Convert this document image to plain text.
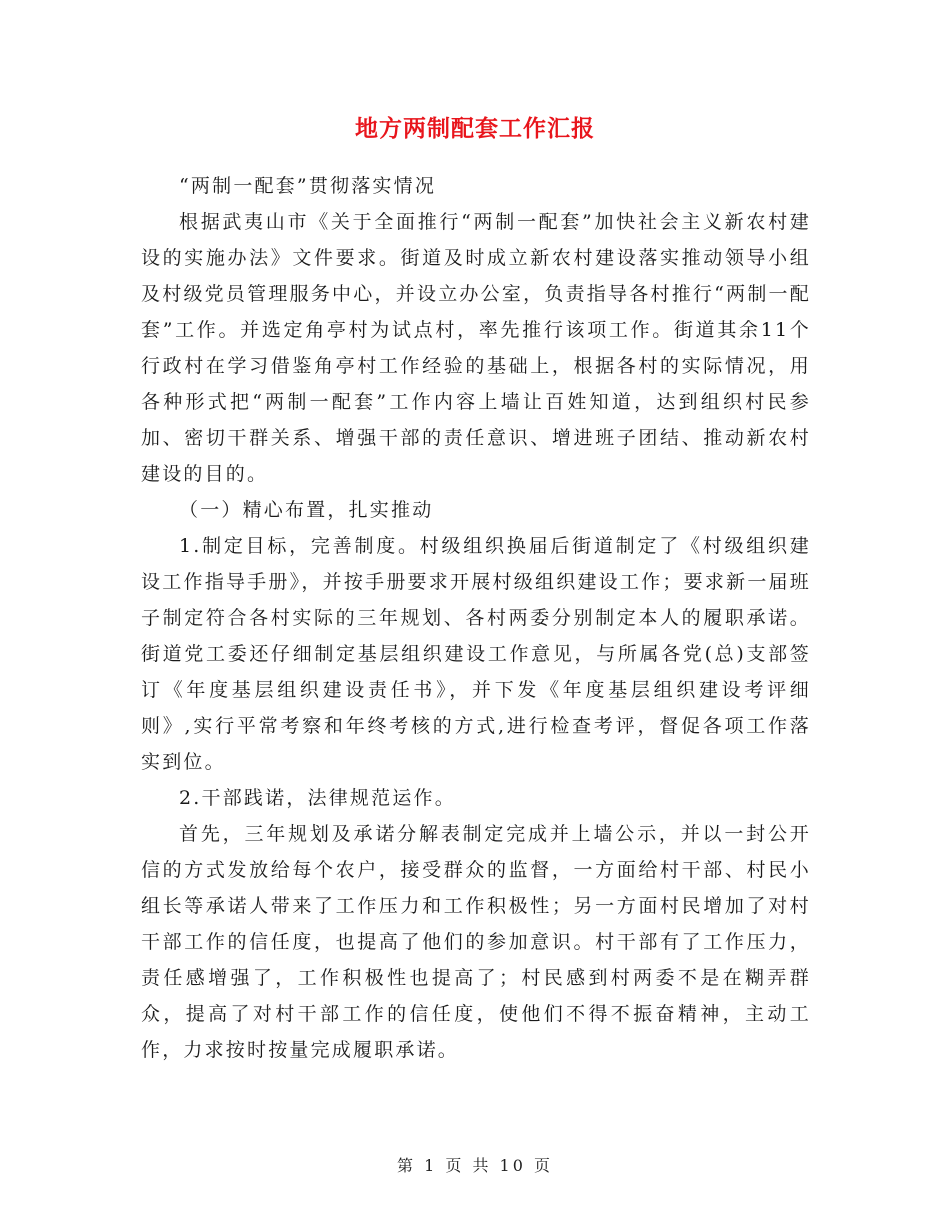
地方两制配套工作汇报

“两制一配套”贯彻落实情况

根据武夷山市《关于全面推行“两制一配套”加快社会主义新农村建设的实施办法》文件要求。街道及时成立新农村建设落实推动领导小组及村级党员管理服务中心，并设立办公室，负责指导各村推行“两制一配套”工作。并选定角亭村为试点村，率先推行该项工作。街道其余11个行政村在学习借鉴角亭村工作经验的基础上，根据各村的实际情况，用各种形式把“两制一配套”工作内容上墙让百姓知道，达到组织村民参加、密切干群关系、增强干部的责任意识、增进班子团结、推动新农村建设的目的。

（一）精心布置，扎实推动

1.制定目标，完善制度。村级组织换届后街道制定了《村级组织建设工作指导手册》，并按手册要求开展村级组织建设工作；要求新一届班子制定符合各村实际的三年规划、各村两委分别制定本人的履职承诺。街道党工委还仔细制定基层组织建设工作意见，与所属各党(总)支部签订《年度基层组织建设责任书》，并下发《年度基层组织建设考评细则》,实行平常考察和年终考核的方式,进行检查考评，督促各项工作落实到位。

2.干部践诺，法律规范运作。

首先，三年规划及承诺分解表制定完成并上墙公示，并以一封公开信的方式发放给每个农户，接受群众的监督，一方面给村干部、村民小组长等承诺人带来了工作压力和工作积极性；另一方面村民增加了对村干部工作的信任度，也提高了他们的参加意识。村干部有了工作压力，责任感增强了，工作积极性也提高了；村民感到村两委不是在糊弄群众，提高了对村干部工作的信任度，使他们不得不振奋精神，主动工作，力求按时按量完成履职承诺。

第 1 页 共 10 页
